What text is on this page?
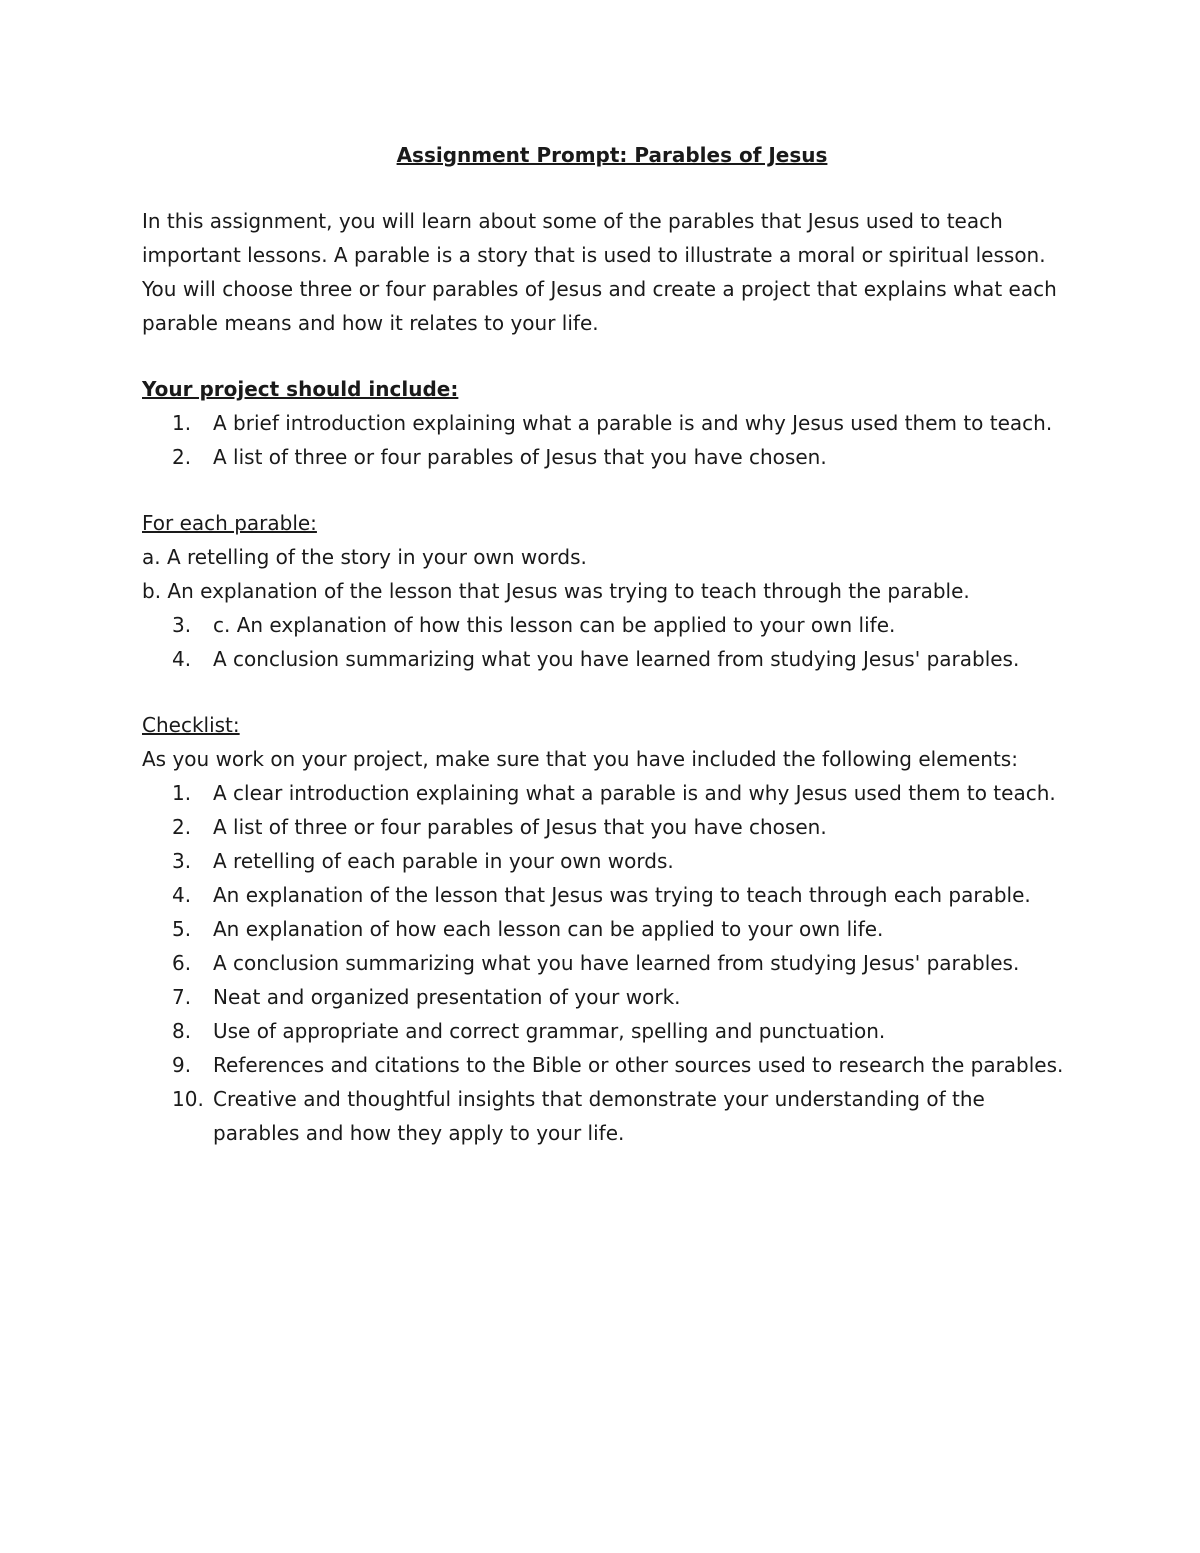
Assignment Prompt: Parables of Jesus

In this assignment, you will learn about some of the parables that Jesus used to teach important lessons. A parable is a story that is used to illustrate a moral or spiritual lesson. You will choose three or four parables of Jesus and create a project that explains what each parable means and how it relates to your life.

Your project should include:

1. A brief introduction explaining what a parable is and why Jesus used them to teach.
2. A list of three or four parables of Jesus that you have chosen.

For each parable:

a. A retelling of the story in your own words.

b. An explanation of the lesson that Jesus was trying to teach through the parable.

3. c. An explanation of how this lesson can be applied to your own life.
4. A conclusion summarizing what you have learned from studying Jesus' parables.

Checklist:

As you work on your project, make sure that you have included the following elements:

1. A clear introduction explaining what a parable is and why Jesus used them to teach.
2. A list of three or four parables of Jesus that you have chosen.
3. A retelling of each parable in your own words.
4. An explanation of the lesson that Jesus was trying to teach through each parable.
5. An explanation of how each lesson can be applied to your own life.
6. A conclusion summarizing what you have learned from studying Jesus' parables.
7. Neat and organized presentation of your work.
8. Use of appropriate and correct grammar, spelling and punctuation.
9. References and citations to the Bible or other sources used to research the parables.
10. Creative and thoughtful insights that demonstrate your understanding of the parables and how they apply to your life.
